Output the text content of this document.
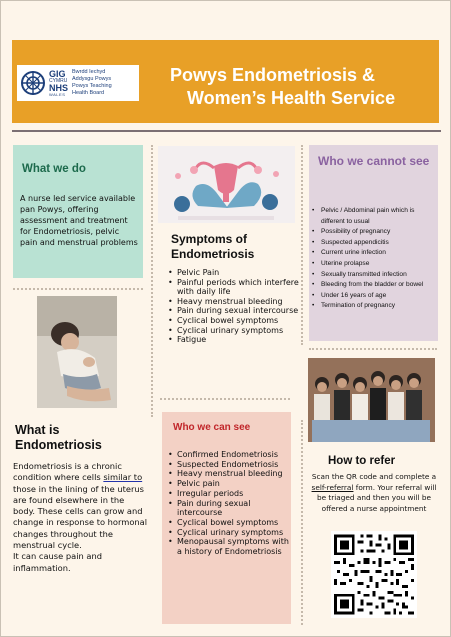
GIG
CYMRU
NHS
WALES
Bwrdd Iechyd
Addysgu Powys
Powys Teaching
Health Board
Powys Endometriosis &
Women’s Health Service
What we do
A nurse led service available pan Powys, offering assessment and treatment for Endometriosis, pelvic pain and menstrual problems
What is Endometriosis
Endometriosis is a chronic condition where cells similar to those in the lining of the uterus are found elsewhere in the body. These cells can grow and change in response to hormonal changes throughout the menstrual cycle.
It can cause pain and inflammation.
Symptoms of Endometriosis
• Pelvic Pain
• Painful periods which interfere with daily life
• Heavy menstrual bleeding
• Pain during sexual intercourse
• Cyclical bowel symptoms
• Cyclical urinary symptoms
• Fatigue
Who we can see
• Confirmed Endometriosis
• Suspected Endometriosis
• Heavy menstrual bleeding
• Pelvic pain
• Irregular periods
• Pain during sexual intercourse
• Cyclical bowel symptoms
• Cyclical urinary symptoms
• Menopausal symptoms with a history of Endometriosis
Who we cannot see
• Pelvic / Abdominal pain which is different to usual
• Possibility of pregnancy
• Suspected appendicitis
• Current urine infection
• Uterine prolapse
• Sexually transmitted infection
• Bleeding from the bladder or bowel
• Under 16 years of age
• Termination of pregnancy
How to refer
Scan the QR code and complete a self-referral form. Your referral will be triaged and then you will be offered a nurse appointment
